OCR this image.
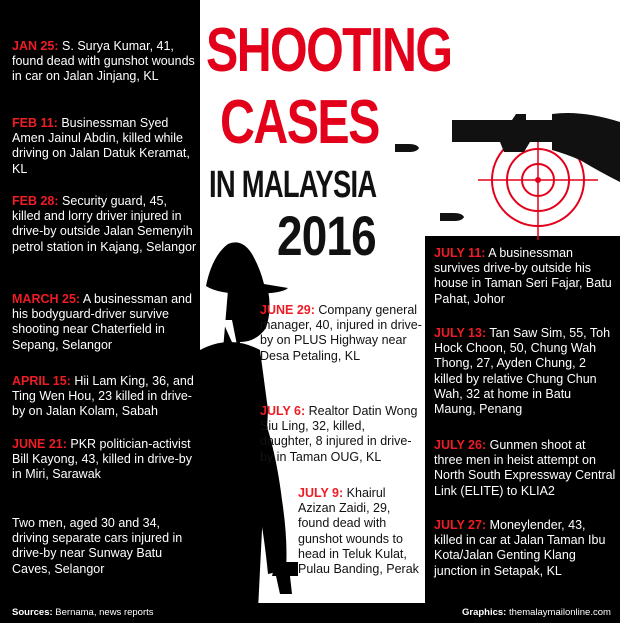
SHOOTING
CASES
IN MALAYSIA
2016
JAN 25: S. Surya Kumar, 41, found dead with gunshot wounds in car on Jalan Jinjang, KL
FEB 11: Businessman Syed Amen Jainul Abdin, killed while driving on Jalan Datuk Keramat, KL
FEB 28: Security guard, 45, killed and lorry driver injured in drive-by outside Jalan Semenyih petrol station in Kajang, Selangor
MARCH 25: A businessman and his bodyguard-driver survive shooting near Chaterfield in Sepang, Selangor
APRIL 15: Hii Lam King, 36, and Ting Wen Hou, 23 killed in drive-by on Jalan Kolam, Sabah
JUNE 21: PKR politician-activist Bill Kayong, 43, killed in drive-by in Miri, Sarawak
Two men, aged 30 and 34, driving separate cars injured in drive-by near Sunway Batu Caves, Selangor
JUNE 29: Company general manager, 40, injured in drive-by on PLUS Highway near Desa Petaling, KL
JULY 6: Realtor Datin Wong Siu Ling, 32, killed, daughter, 8 injured in drive-by in Taman OUG, KL
JULY 9: Khairul Azizan Zaidi, 29, found dead with gunshot wounds to head in Teluk Kulat, Pulau Banding, Perak
JULY 11: A businessman survives drive-by outside his house in Taman Seri Fajar, Batu Pahat, Johor
JULY 13: Tan Saw Sim, 55, Toh Hock Choon, 50, Chung Wah Thong, 27, Ayden Chung, 2 killed by relative Chung Chun Wah, 32 at home in Batu Maung, Penang
JULY 26: Gunmen shoot at three men in heist attempt on North South Expressway Central Link (ELITE) to KLIA2
JULY 27: Moneylender, 43, killed in car at Jalan Taman Ibu Kota/Jalan Genting Klang junction in Setapak, KL
Sources: Bernama, news reports	Graphics: themalaymailonline.com
